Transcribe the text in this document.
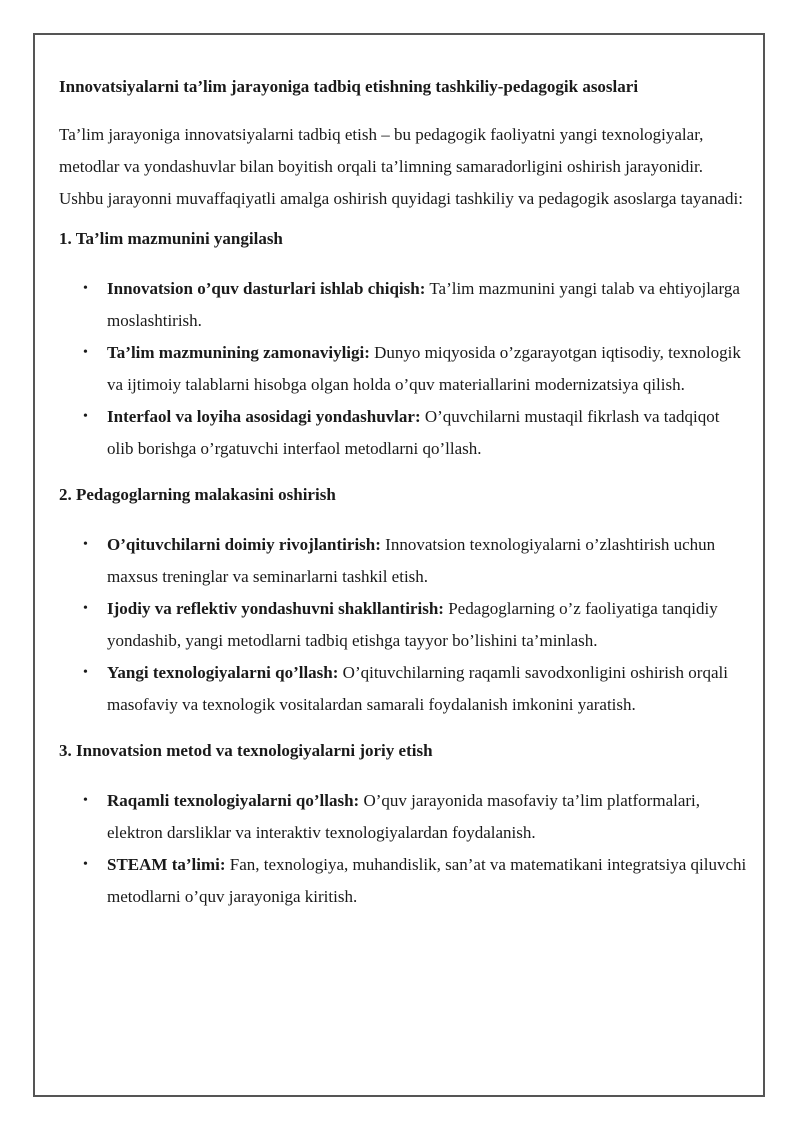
Innovatsiyalarni ta’lim jarayoniga tadbiq etishning tashkiliy-pedagogik asoslari

Ta’lim jarayoniga innovatsiyalarni tadbiq etish – bu pedagogik faoliyatni yangi texnologiyalar, metodlar va yondashuvlar bilan boyitish orqali ta’limning samaradorligini oshirish jarayonidir. Ushbu jarayonni muvaffaqiyatli amalga oshirish quyidagi tashkiliy va pedagogik asoslarga tayanadi:

1. Ta’lim mazmunini yangilash
• Innovatsion o’quv dasturlari ishlab chiqish: Ta’lim mazmunini yangi talab va ehtiyojlarga moslashtirish.
• Ta’lim mazmunining zamonaviyligi: Dunyo miqyosida o’zgarayotgan iqtisodiy, texnologik va ijtimoiy talablarni hisobga olgan holda o’quv materiallarini modernizatsiya qilish.
• Interfaol va loyiha asosidagi yondashuvlar: O’quvchilarni mustaqil fikrlash va tadqiqot olib borishga o’rgatuvchi interfaol metodlarni qo’llash.
2. Pedagoglarning malakasini oshirish
• O’qituvchilarni doimiy rivojlantirish: Innovatsion texnologiyalarni o’zlashtirish uchun maxsus treninglar va seminarlarni tashkil etish.
• Ijodiy va reflektiv yondashuvni shakllantirish: Pedagoglarning o’z faoliyatiga tanqidiy yondashib, yangi metodlarni tadbiq etishga tayyor bo’lishini ta’minlash.
• Yangi texnologiyalarni qo’llash: O’qituvchilarning raqamli savodxonligini oshirish orqali masofaviy va texnologik vositalardan samarali foydalanish imkonini yaratish.
3. Innovatsion metod va texnologiyalarni joriy etish
• Raqamli texnologiyalarni qo’llash: O’quv jarayonida masofaviy ta’lim platformalari, elektron darsliklar va interaktiv texnologiyalardan foydalanish.
• STEAM ta’limi: Fan, texnologiya, muhandislik, san’at va matematikani integratsiya qiluvchi metodlarni o’quv jarayoniga kiritish.
